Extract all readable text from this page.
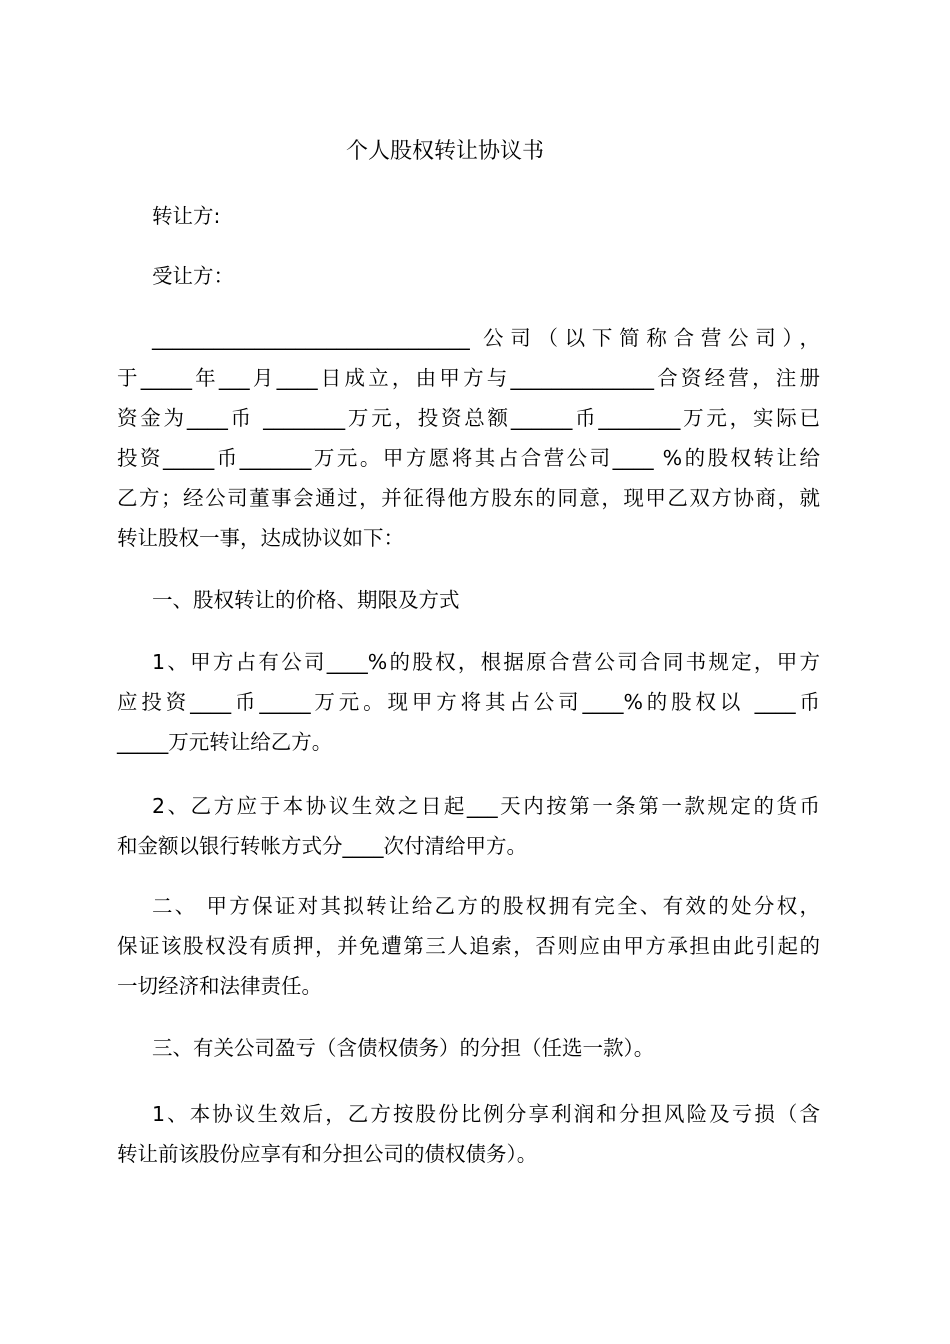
个人股权转让协议书
转让方:
受让方：
_______________________________ 公司（以下简称合营公司），
于_____年___月____日成立，由甲方与______________合资经营，注册
资金为____币 ________万元，投资总额______币________万元，实际已
投资_____币_______万元。甲方愿将其占合营公司____ %的股权转让给
乙方；经公司董事会通过，并征得他方股东的同意，现甲乙双方协商，就
转让股权一事，达成协议如下：
一、股权转让的价格、期限及方式
1、甲方占有公司____%的股权，根据原合营公司合同书规定，甲方
应投资____币_____万元。现甲方将其占公司____%的股权以 ____币
_____万元转让给乙方。
2、乙方应于本协议生效之日起___天内按第一条第一款规定的货币
和金额以银行转帐方式分____次付清给甲方。
二、 甲方保证对其拟转让给乙方的股权拥有完全、有效的处分权，
保证该股权没有质押，并免遭第三人追索，否则应由甲方承担由此引起的
一切经济和法律责任。
三、有关公司盈亏（含债权债务）的分担（任选一款）。
1、本协议生效后，乙方按股份比例分享利润和分担风险及亏损（含
转让前该股份应享有和分担公司的债权债务）。
